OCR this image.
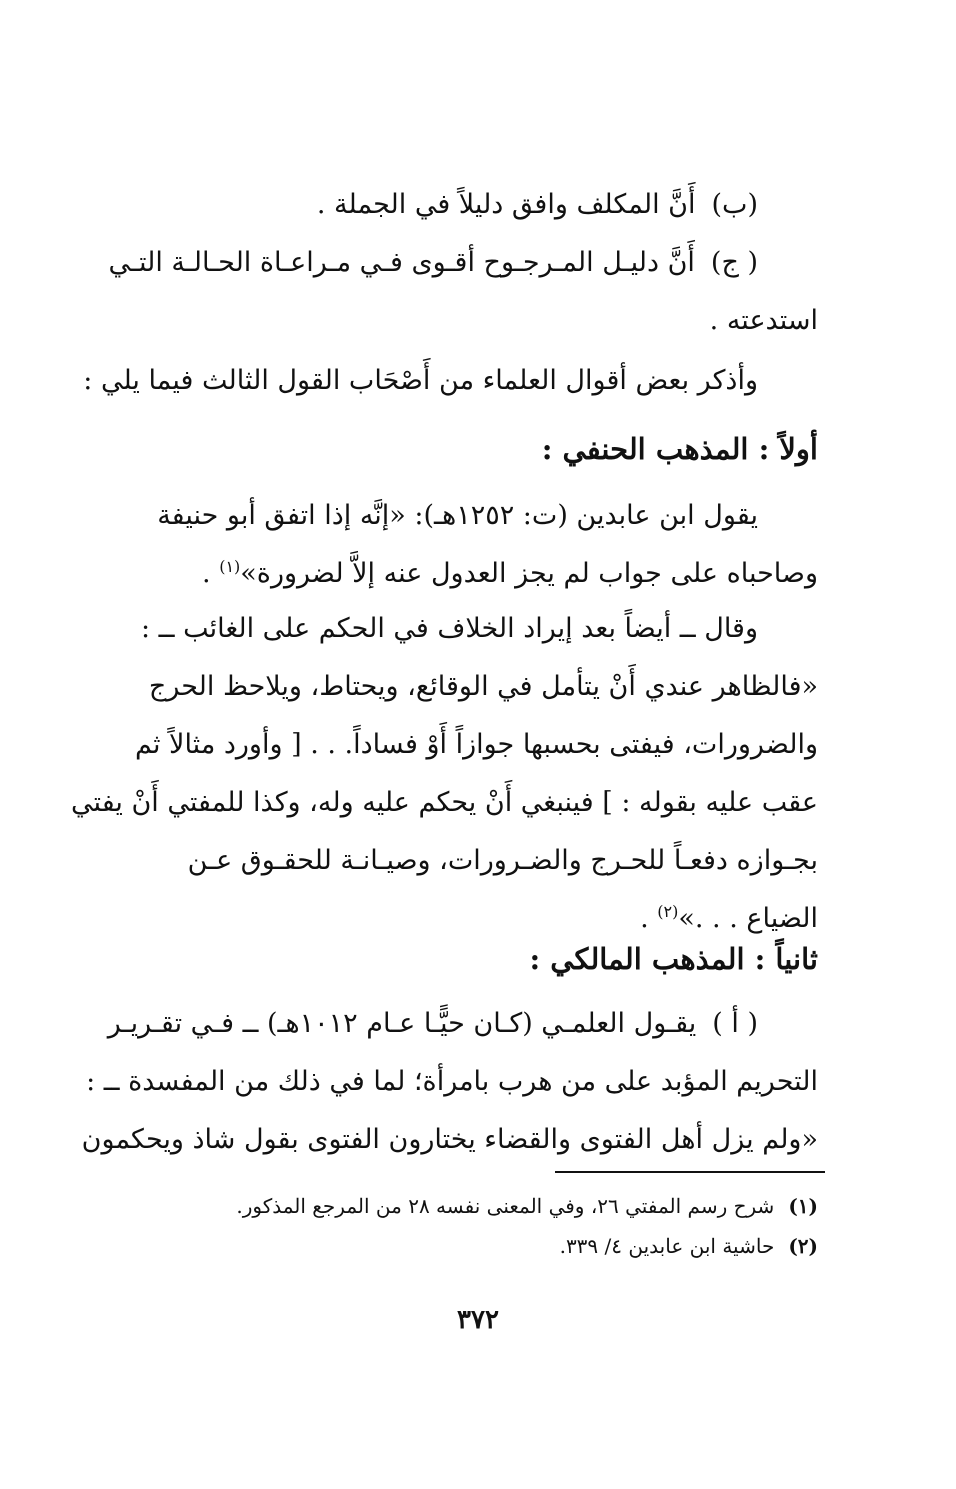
(ب)أَنَّ المكلف وافق دليلاً في الجملة .
( ج)أَنَّ دليـل المـرجـوح أقـوى فـي مـراعـاة الحـالـة التـي
استدعته .
وأذكر بعض أقوال العلماء من أَصْحَاب القول الثالث فيما يلي :
أولاً : المذهب الحنفي :
يقول ابن عابدين (ت: ١٢٥٢هـ): «إنَّه إذا اتفق أبو حنيفة
وصاحباه على جواب لم يجز العدول عنه إلاَّ لضرورة»$^{(١)}$ .
وقال ــ أيضاً بعد إيراد الخلاف في الحكم على الغائب ــ :
«فالظاهر عندي أَنْ يتأمل في الوقائع، ويحتاط، ويلاحظ الحرج
والضرورات، فيفتى بحسبها جوازاً أَوْ فساداً. . . [ وأورد مثالاً ثم
عقب عليه بقوله : ] فينبغي أَنْ يحكم عليه وله، وكذا للمفتي أَنْ يفتي
بجـوازه دفعـاً للحـرج والضـرورات، وصيـانـة للحقـوق عـن
الضياع . . .»$^{(٢)}$ .
ثانياً : المذهب المالكي :
( أ )يقـول العلمـي (كـان حيًّـا عـام ١٠١٢هـ) ــ فـي تقـريـر
التحريم المؤبد على من هرب بامرأة؛ لما في ذلك من المفسدة ــ :
«ولم يزل أهل الفتوى والقضاء يختارون الفتوى بقول شاذ ويحكمون
(١)شرح رسم المفتي ٢٦، وفي المعنى نفسه ٢٨ من المرجع المذكور.
(٢)حاشية ابن عابدين ٤/ ٣٣٩.
٣٧٢
